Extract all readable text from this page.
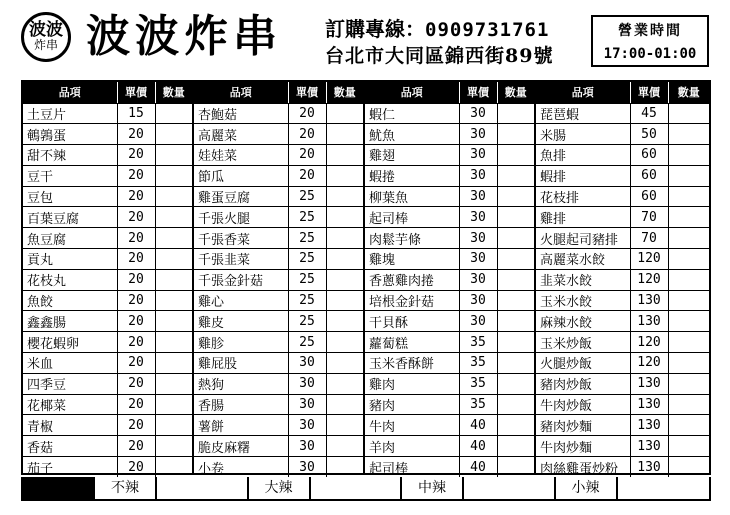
波波
炸串 波波炸串 訂購專線：0909731761
台北市大同區錦西街89號
營業時間
17:00-01:00
品項	單價	數量
土豆片	15	
鵪鶉蛋	20	
甜不辣	20	
豆干	20	
豆包	20	
百葉豆腐	20	
魚豆腐	20	
貢丸	20	
花枝丸	20	
魚餃	20	
鑫鑫腸	20	
櫻花蝦卵	20	
米血	20	
四季豆	20	
花椰菜	20	
青椒	20	
香菇	20	
茄子	20	
品項	單價	數量
杏鮑菇	20	
高麗菜	20	
娃娃菜	20	
節瓜	20	
雞蛋豆腐	25	
千張火腿	25	
千張香菜	25	
千張韭菜	25	
千張金針菇	25	
雞心	25	
雞皮	25	
雞胗	25	
雞屁股	30	
熱狗	30	
香腸	30	
薯餅	30	
脆皮麻糬	30	
小卷	30	
品項	單價	數量
蝦仁	30	
魷魚	30	
雞翅	30	
蝦捲	30	
柳葉魚	30	
起司棒	30	
肉鬆芋條	30	
雞塊	30	
香蔥雞肉捲	30	
培根金針菇	30	
干貝酥	30	
蘿蔔糕	35	
玉米香酥餅	35	
雞肉	35	
豬肉	35	
牛肉	40	
羊肉	40	
起司棒	40	
品項	單價	數量
琵琶蝦	45	
米腸	50	
魚排	60	
蝦排	60	
花枝排	60	
雞排	70	
火腿起司豬排	70	
高麗菜水餃	120	
韭菜水餃	120	
玉米水餃	130	
麻辣水餃	130	
玉米炒飯	120	
火腿炒飯	120	
豬肉炒飯	130	
牛肉炒飯	130	
豬肉炒麵	130	
牛肉炒麵	130	
肉絲雞蛋炒粉	130	
不辣	大辣	中辣	小辣
